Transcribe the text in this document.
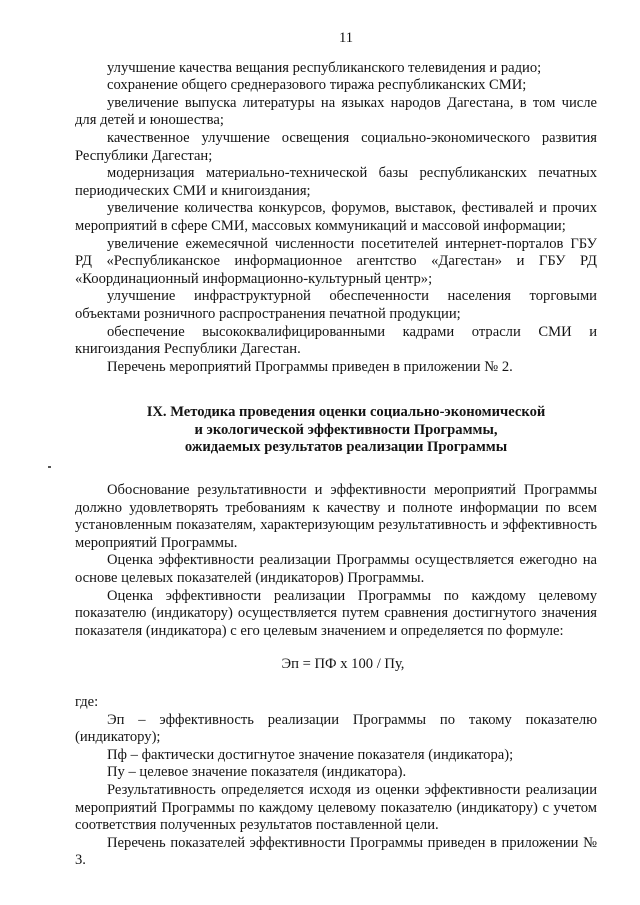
11

улучшение качества вещания республиканского телевидения и радио;

сохранение общего среднеразового тиража республиканских СМИ;

увеличение выпуска литературы на языках народов Дагестана, в том числе для детей и юношества;

качественное улучшение освещения социально-экономического развития Республики Дагестан;

модернизация материально-технической базы республиканских печатных периодических СМИ и книгоиздания;

увеличение количества конкурсов, форумов, выставок, фестивалей и прочих мероприятий в сфере СМИ, массовых коммуникаций и массовой информации;

увеличение ежемесячной численности посетителей интернет-порталов ГБУ РД «Республиканское информационное агентство «Дагестан» и ГБУ РД «Координационный информационно-культурный центр»;

улучшение инфраструктурной обеспеченности населения торговыми объектами розничного распространения печатной продукции;

обеспечение высококвалифицированными кадрами отрасли СМИ и книгоиздания Республики Дагестан.

Перечень мероприятий Программы приведен в приложении № 2.

IX. Методика проведения оценки социально-экономической
и экологической эффективности Программы,
ожидаемых результатов реализации Программы

Обоснование результативности и эффективности мероприятий Программы должно удовлетворять требованиям к качеству и полноте информации по всем установленным показателям, характеризующим результативность и эффективность мероприятий Программы.

Оценка эффективности реализации Программы осуществляется ежегодно на основе целевых показателей (индикаторов) Программы.

Оценка эффективности реализации Программы по каждому целевому показателю (индикатору) осуществляется путем сравнения достигнутого значения показателя (индикатора) с его целевым значением и определяется по формуле:

Эп = ПФ х 100 / Пу,

где:

Эп – эффективность реализации Программы по такому показателю (индикатору);

Пф – фактически достигнутое значение показателя (индикатора);

Пу – целевое значение показателя (индикатора).

Результативность определяется исходя из оценки эффективности реализации мероприятий Программы по каждому целевому показателю (индикатору) с учетом соответствия полученных результатов поставленной цели.

Перечень показателей эффективности Программы приведен в приложении № 3.
